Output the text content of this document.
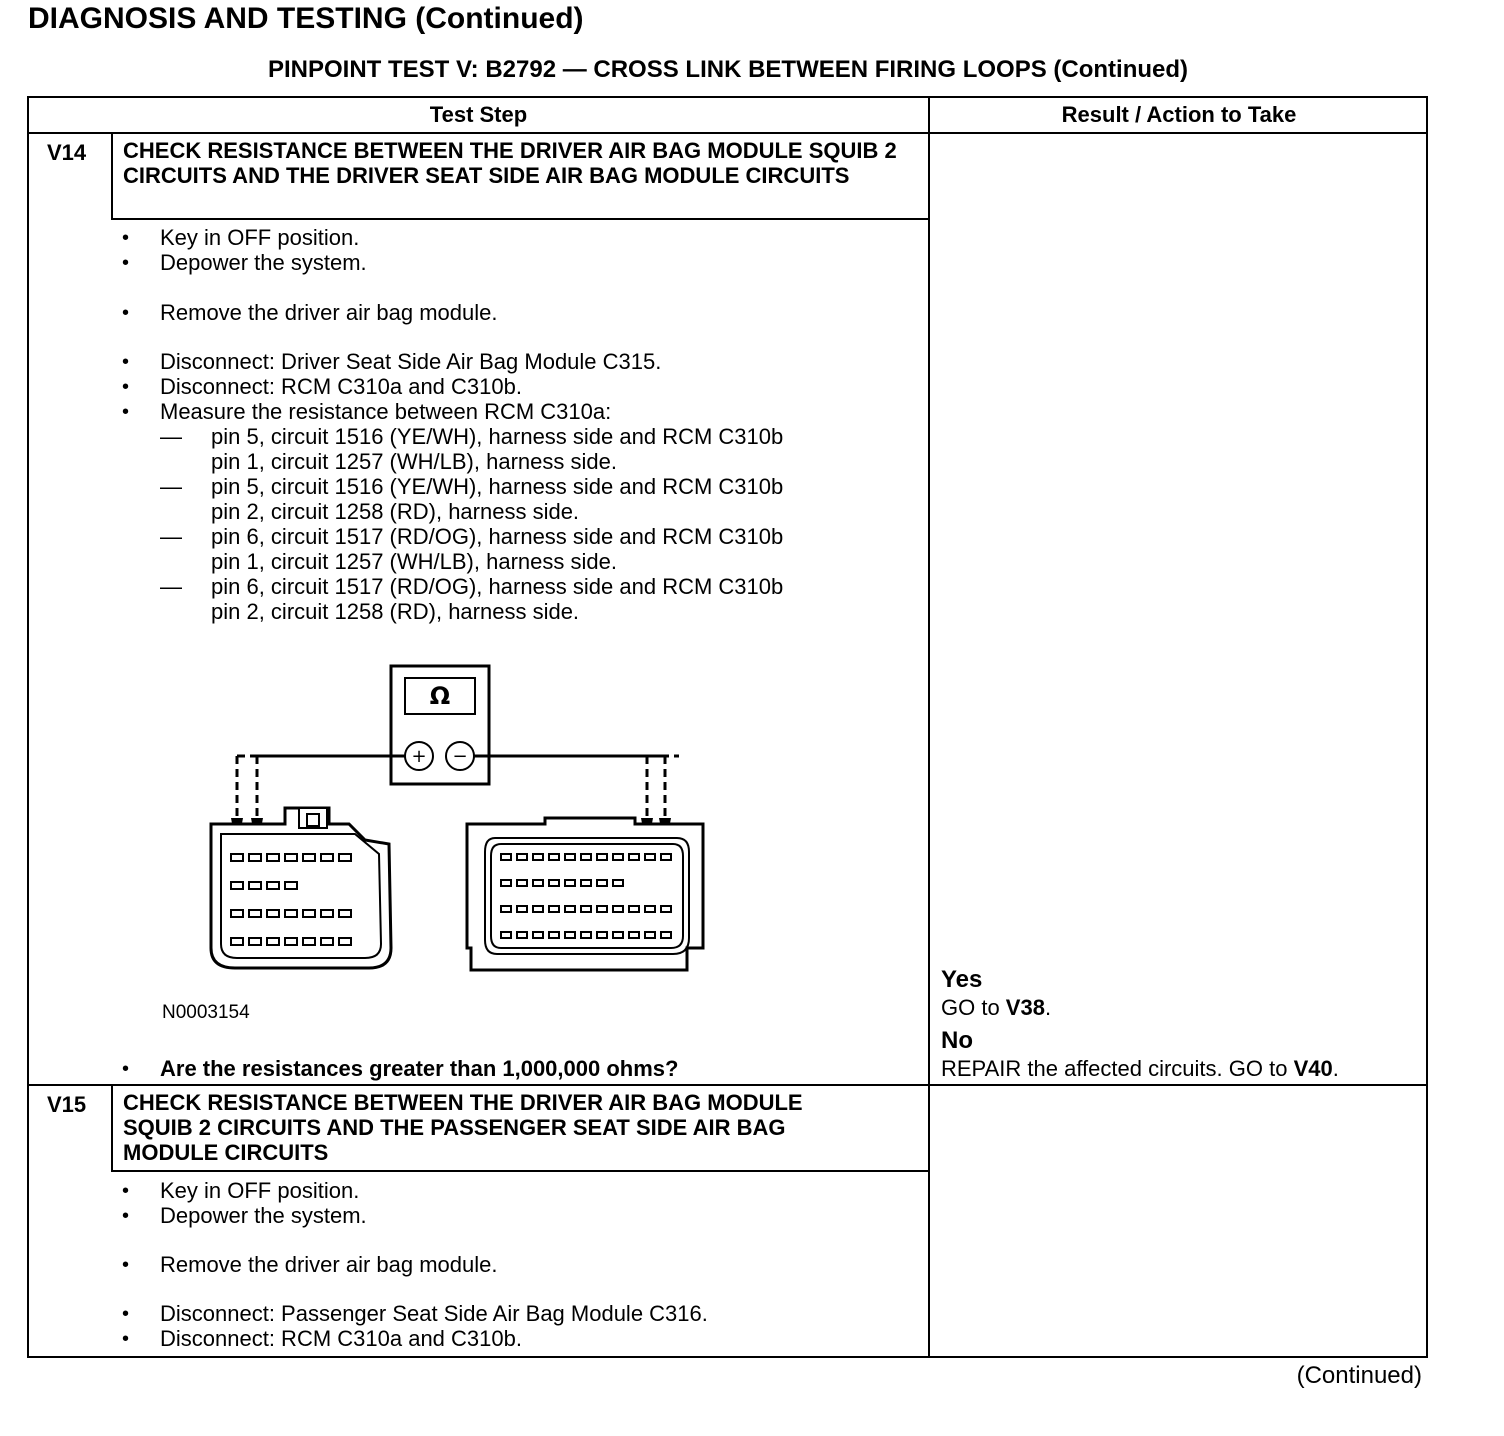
DIAGNOSIS AND TESTING (Continued)
PINPOINT TEST V: B2792 — CROSS LINK BETWEEN FIRING LOOPS (Continued)
Test Step	Result / Action to Take
V14 CHECK RESISTANCE BETWEEN THE DRIVER AIR BAG MODULE SQUIB 2 CIRCUITS AND THE DRIVER SEAT SIDE AIR BAG MODULE CIRCUITS
• Key in OFF position.
• Depower the system.
• Remove the driver air bag module.
• Disconnect: Driver Seat Side Air Bag Module C315.
• Disconnect: RCM C310a and C310b.
• Measure the resistance between RCM C310a:
— pin 5, circuit 1516 (YE/WH), harness side and RCM C310b
pin 1, circuit 1257 (WH/LB), harness side.
— pin 5, circuit 1516 (YE/WH), harness side and RCM C310b
pin 2, circuit 1258 (RD), harness side.
— pin 6, circuit 1517 (RD/OG), harness side and RCM C310b
pin 1, circuit 1257 (WH/LB), harness side.
— pin 6, circuit 1517 (RD/OG), harness side and RCM C310b
pin 2, circuit 1258 (RD), harness side.
Ω
+ −
N0003154
• Are the resistances greater than 1,000,000 ohms?
Yes
GO to V38.
No
REPAIR the affected circuits. GO to V40.
V15 CHECK RESISTANCE BETWEEN THE DRIVER AIR BAG MODULE SQUIB 2 CIRCUITS AND THE PASSENGER SEAT SIDE AIR BAG MODULE CIRCUITS
• Key in OFF position.
• Depower the system.
• Remove the driver air bag module.
• Disconnect: Passenger Seat Side Air Bag Module C316.
• Disconnect: RCM C310a and C310b.
(Continued)
